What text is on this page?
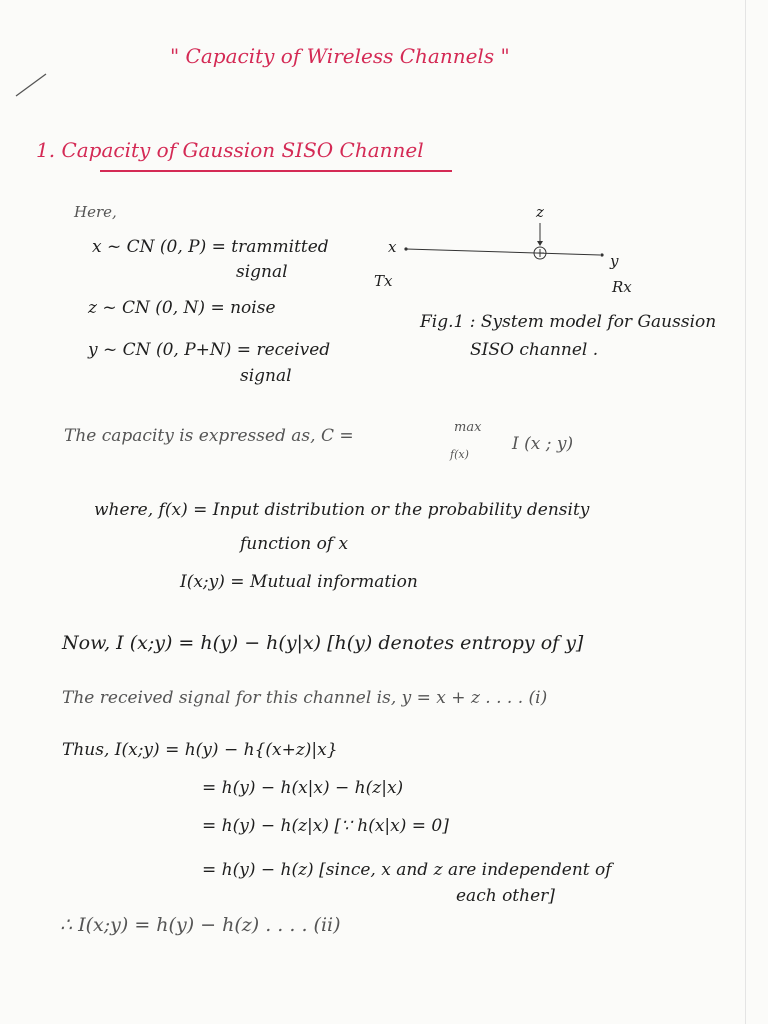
" Capacity of Wireless Channels "
1. Capacity of Gaussion SISO Channel
Here,
x ~ CN (0, P) = trammitted
signal
z ~ CN (0, N) = noise
y ~ CN (0, P+N) = received
signal
x
z
y
Tx	Rx
Fig.1 : System model for Gaussion
SISO channel .
The capacity is expressed as, C =	max
f(x)
I (x ; y)
where, f(x) = Input distribution or the probability density
function of x
I(x;y) = Mutual information
Now, I (x;y) = h(y) − h(y|x) [h(y) denotes entropy of y]
The received signal for this channel is, y = x + z . . . . (i)
Thus, I(x;y) = h(y) − h{(x+z)|x}
= h(y) − h(x|x) − h(z|x)
= h(y) − h(z|x) [∵ h(x|x) = 0]
= h(y) − h(z) [since, x and z are independent of
each other]
∴ I(x;y) = h(y) − h(z) . . . . (ii)
